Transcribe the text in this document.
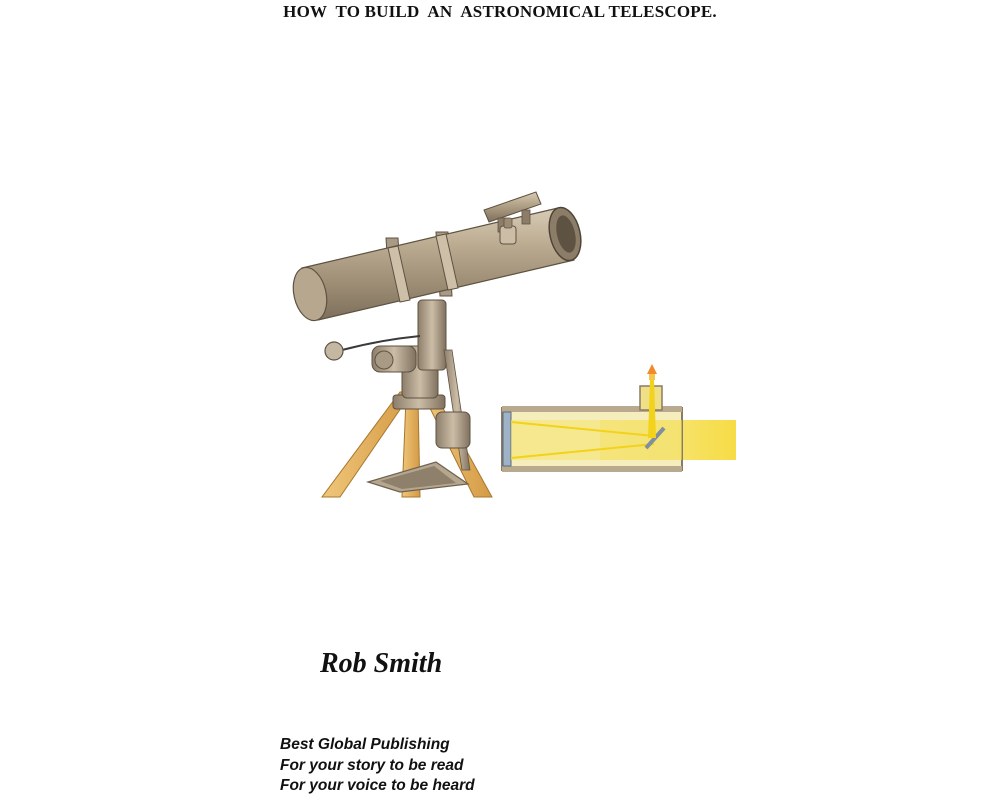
HOW  TO BUILD  AN  ASTRONOMICAL TELESCOPE.
Rob Smith
Best Global Publishing
For your story to be read
For your voice to be heard
